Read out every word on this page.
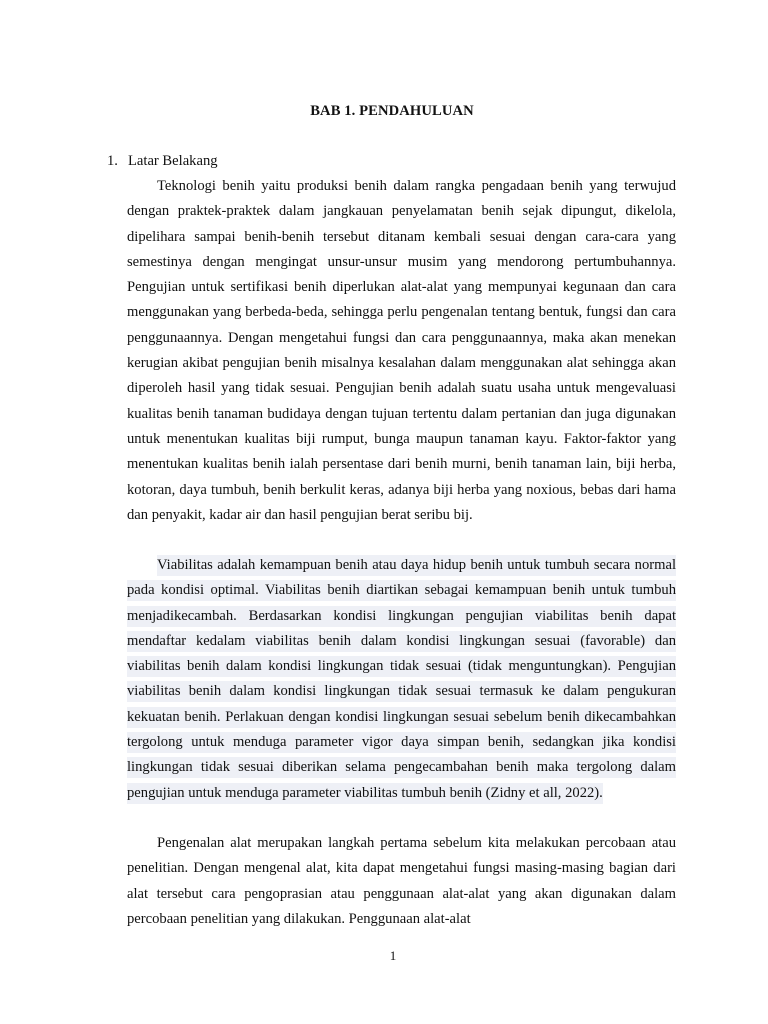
BAB 1. PENDAHULUAN
1. Latar Belakang

Teknologi benih yaitu produksi benih dalam rangka pengadaan benih yang terwujud dengan praktek-praktek dalam jangkauan penyelamatan benih sejak dipungut, dikelola, dipelihara sampai benih-benih tersebut ditanam kembali sesuai dengan cara-cara yang semestinya dengan mengingat unsur-unsur musim yang mendorong pertumbuhannya. Pengujian untuk sertifikasi benih diperlukan alat-alat yang mempunyai kegunaan dan cara menggunakan yang berbeda-beda, sehingga perlu pengenalan tentang bentuk, fungsi dan cara penggunaannya. Dengan mengetahui fungsi dan cara penggunaannya, maka akan menekan kerugian akibat pengujian benih misalnya kesalahan dalam menggunakan alat sehingga akan diperoleh hasil yang tidak sesuai. Pengujian benih adalah suatu usaha untuk mengevaluasi kualitas benih tanaman budidaya dengan tujuan tertentu dalam pertanian dan juga digunakan untuk menentukan kualitas biji rumput, bunga maupun tanaman kayu. Faktor-faktor yang menentukan kualitas benih ialah persentase dari benih murni, benih tanaman lain, biji herba, kotoran, daya tumbuh, benih berkulit keras, adanya biji herba yang noxious, bebas dari hama dan penyakit, kadar air dan hasil pengujian berat seribu bij.

Viabilitas adalah kemampuan benih atau daya hidup benih untuk tumbuh secara normal pada kondisi optimal. Viabilitas benih diartikan sebagai kemampuan benih untuk tumbuh menjadikecambah. Berdasarkan kondisi lingkungan pengujian viabilitas benih dapat mendaftar kedalam viabilitas benih dalam kondisi lingkungan sesuai (favorable) dan viabilitas benih dalam kondisi lingkungan tidak sesuai (tidak menguntungkan). Pengujian viabilitas benih dalam kondisi lingkungan tidak sesuai termasuk ke dalam pengukuran kekuatan benih. Perlakuan dengan kondisi lingkungan sesuai sebelum benih dikecambahkan tergolong untuk menduga parameter vigor daya simpan benih, sedangkan jika kondisi lingkungan tidak sesuai diberikan selama pengecambahan benih maka tergolong dalam pengujian untuk menduga parameter viabilitas tumbuh benih (Zidny et all, 2022).

Pengenalan alat merupakan langkah pertama sebelum kita melakukan percobaan atau penelitian. Dengan mengenal alat, kita dapat mengetahui fungsi masing-masing bagian dari alat tersebut cara pengoprasian atau penggunaan alat-alat yang akan digunakan dalam percobaan penelitian yang dilakukan. Penggunaan alat-alat

1
